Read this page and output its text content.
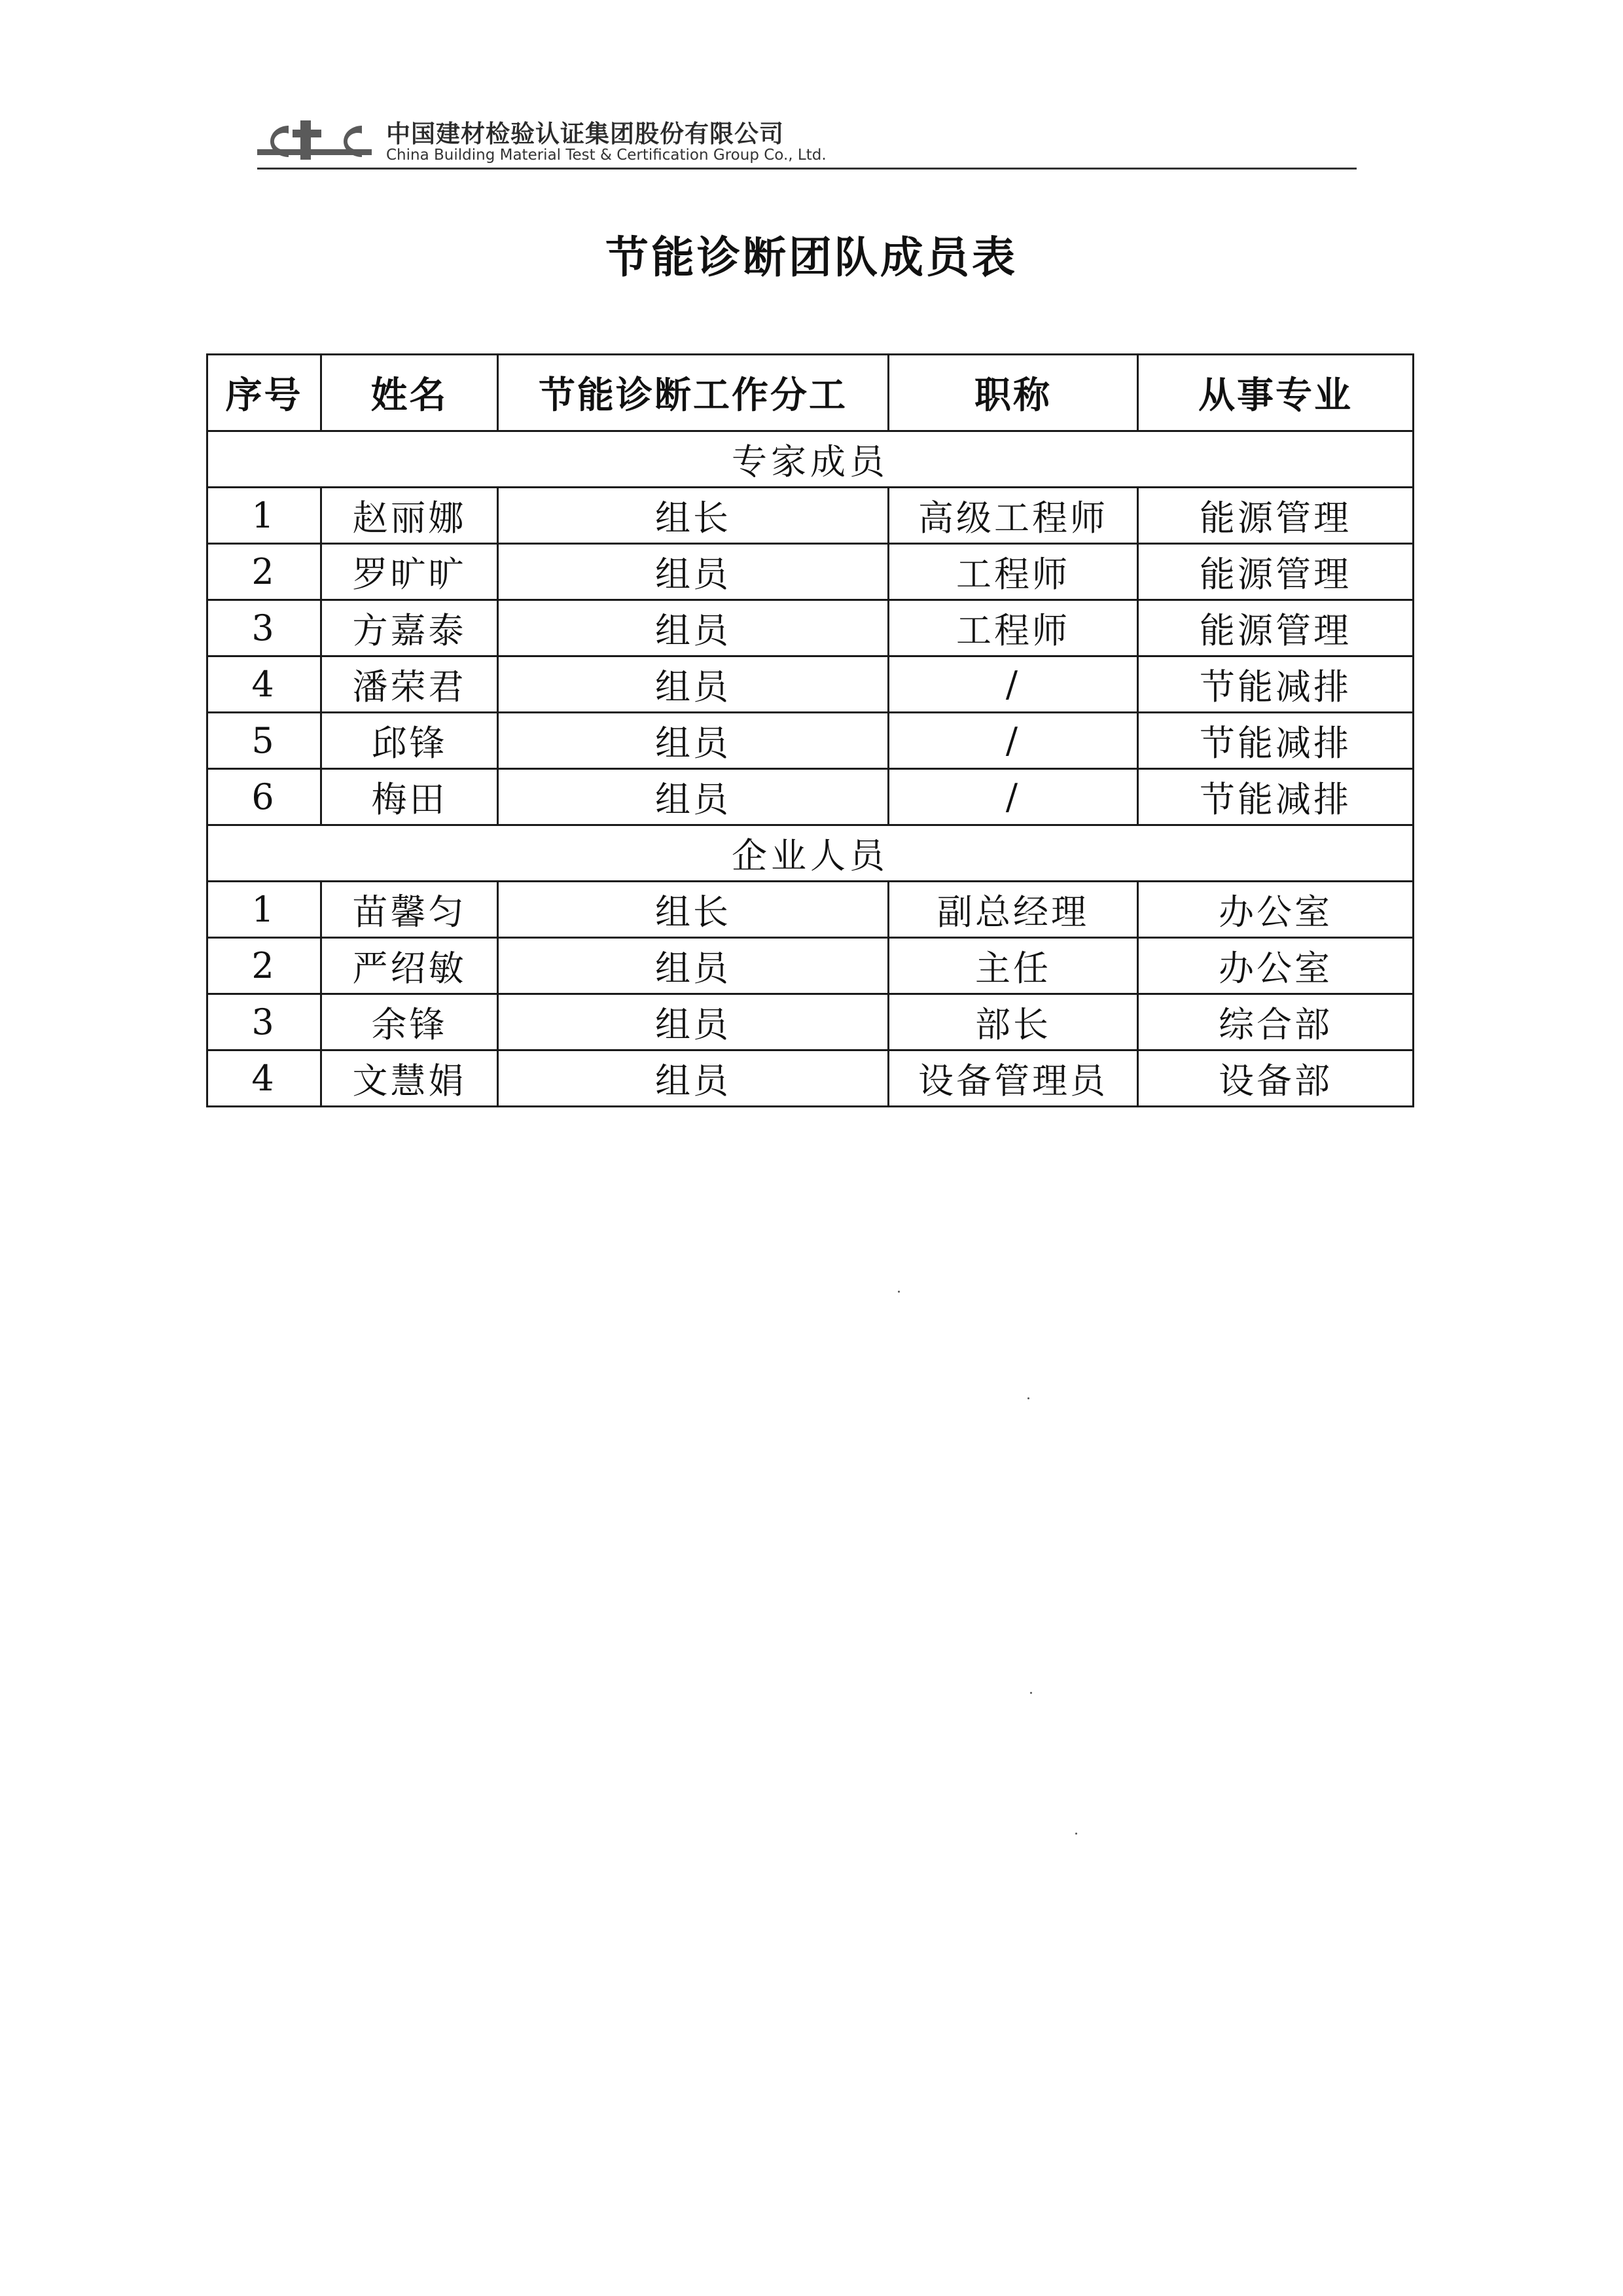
中国建材检验认证集团股份有限公司
China Building Material Test & Certification Group Co., Ltd.
节能诊断团队成员表
序号	姓名	节能诊断工作分工	职称	从事专业
专家成员				
1	赵丽娜	组长	高级工程师	能源管理
2	罗旷旷	组员	工程师	能源管理
3	方嘉泰	组员	工程师	能源管理
4	潘荣君	组员	/	节能减排
5	邱锋	组员	/	节能减排
6	梅田	组员	/	节能减排
企业人员				
1	苗馨匀	组长	副总经理	办公室
2	严绍敏	组员	主任	办公室
3	余锋	组员	部长	综合部
4	文慧娟	组员	设备管理员	设备部
